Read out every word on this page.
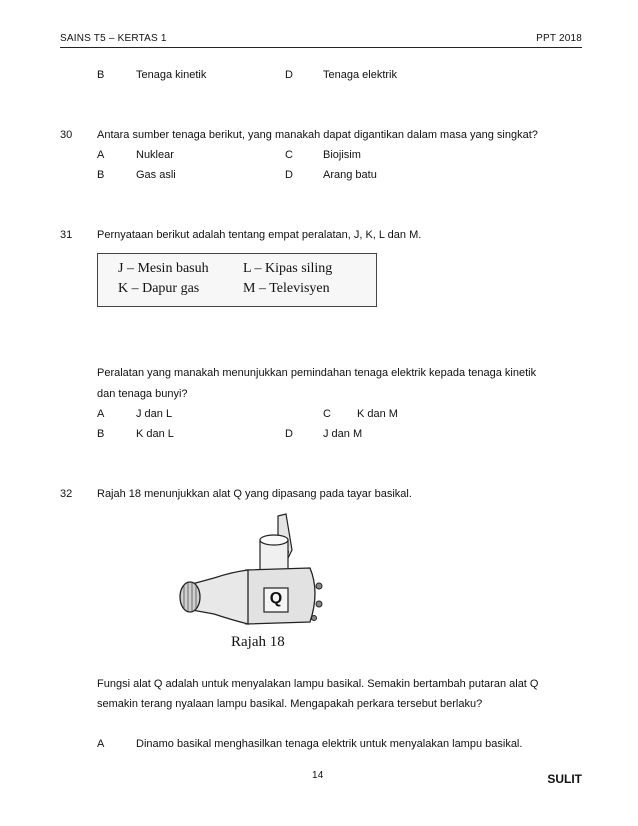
SAINS T5 – KERTAS 1	PPT 2018
B	Tenaga kinetik	D	Tenaga elektrik
30 Antara sumber tenaga berikut, yang manakah dapat digantikan dalam masa yang singkat?
A	Nuklear	C	Biojisim
B	Gas asli	D	Arang batu
31 Pernyataan berikut adalah tentang empat peralatan, J, K, L dan M.
J – Mesin basuh L – Kipas siling
K – Dapur gas	M – Televisyen
Peralatan yang manakah menunjukkan pemindahan tenaga elektrik kepada tenaga kinetik
dan tenaga bunyi?
A	J dan L	C K dan M
B	K dan L	D	J dan M
32 Rajah 18 menunjukkan alat Q yang dipasang pada tayar basikal.
Q
Rajah 18
Fungsi alat Q adalah untuk menyalakan lampu basikal. Semakin bertambah putaran alat Q
semakin terang nyalaan lampu basikal. Mengapakah perkara tersebut berlaku?
A	Dinamo basikal menghasilkan tenaga elektrik untuk menyalakan lampu basikal.
14	SULIT
